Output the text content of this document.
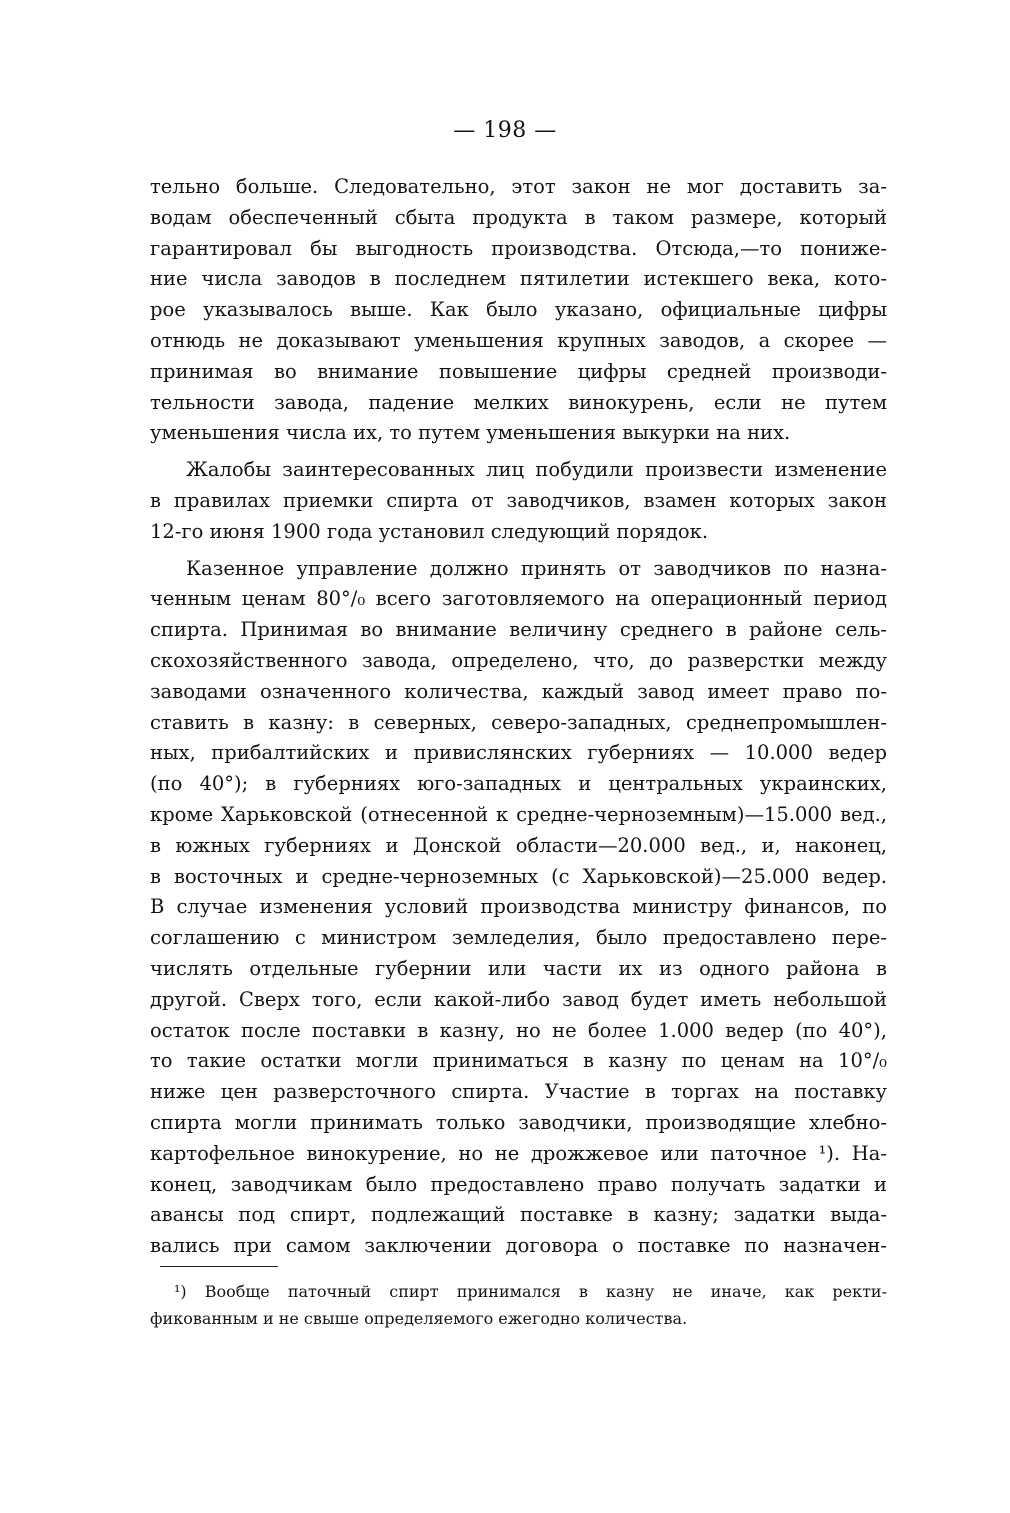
— 198 —
тельно больше. Следовательно, этот закон не мог доставить за-
водам обеспеченный сбыта продукта в таком размере, который
гарантировал бы выгодность производства. Отсюда,—то пониже-
ние числа заводов в последнем пятилетии истекшего века, кото-
рое указывалось выше. Как было указано, официальные цифры
отнюдь не доказывают уменьшения крупных заводов, а скорее —
принимая во внимание повышение цифры средней производи-
тельности завода, падение мелких винокурень, если не путем
уменьшения числа их, то путем уменьшения выкурки на них.
Жалобы заинтересованных лиц побудили произвести изменение
в правилах приемки спирта от заводчиков, взамен которых закон
12-го июня 1900 года установил следующий порядок.
Казенное управление должно принять от заводчиков по назна-
ченным ценам 80°/₀ всего заготовляемого на операционный период
спирта. Принимая во внимание величину среднего в районе сель-
скохозяйственного завода, определено, что, до разверстки между
заводами означенного количества, каждый завод имеет право по-
ставить в казну: в северных, северо-западных, среднепромышлен-
ных, прибалтийских и привислянских губерниях — 10.000 ведер
(по 40°); в губерниях юго-западных и центральных украинских,
кроме Харьковской (отнесенной к средне-черноземным)—15.000 вед.,
в южных губерниях и Донской области—20.000 вед., и, наконец,
в восточных и средне-черноземных (с Харьковской)—25.000 ведер.
В случае изменения условий производства министру финансов, по
соглашению с министром земледелия, было предоставлено пере-
числять отдельные губернии или части их из одного района в
другой. Сверх того, если какой-либо завод будет иметь небольшой
остаток после поставки в казну, но не более 1.000 ведер (по 40°),
то такие остатки могли приниматься в казну по ценам на 10°/₀
ниже цен разверсточного спирта. Участие в торгах на поставку
спирта могли принимать только заводчики, производящие хлебно-
картофельное винокурение, но не дрожжевое или паточное ¹). На-
конец, заводчикам было предоставлено право получать задатки и
авансы под спирт, подлежащий поставке в казну; задатки выда-
вались при самом заключении договора о поставке по назначен-
¹) Вообще паточный спирт принимался в казну не иначе, как ректи-
фикованным и не свыше определяемого ежегодно количества.
